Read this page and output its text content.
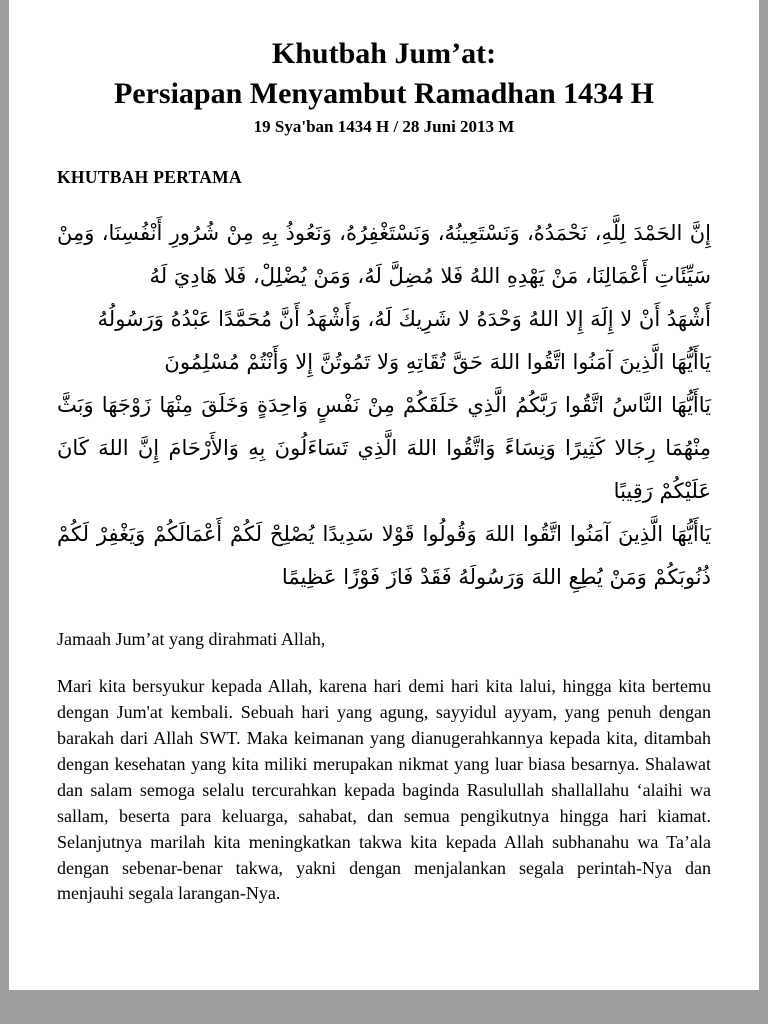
Khutbah Jum’at:
Persiapan Menyambut Ramadhan 1434 H
19 Sya'ban 1434 H / 28 Juni 2013 M
KHUTBAH PERTAMA

إِنَّ الحَمْدَ لِلَّهِ، نَحْمَدُهُ، وَنَسْتَعِينُهُ، وَنَسْتَغْفِرُهُ، وَنَعُوذُ بِهِ مِنْ شُرُورِ أَنْفُسِنَا، وَمِنْ سَيِّئَاتِ أَعْمَالِنَا، مَنْ يَهْدِهِ اللهُ فَلا مُضِلَّ لَهُ، وَمَنْ يُضْلِلْ، فَلا هَادِيَ لَهُ

أَشْهَدُ أَنْ لا إِلَهَ إِلا اللهُ وَحْدَهُ لا شَرِيكَ لَهُ، وَأَشْهَدُ أَنَّ مُحَمَّدًا عَبْدُهُ وَرَسُولُهُ

يَاأَيُّهَا الَّذِينَ آمَنُوا اتَّقُوا اللهَ حَقَّ تُقَاتِهِ وَلا تَمُوتُنَّ إِلا وَأَنْتُمْ مُسْلِمُونَ

يَاأَيُّهَا النَّاسُ اتَّقُوا رَبَّكُمُ الَّذِي خَلَقَكُمْ مِنْ نَفْسٍ وَاحِدَةٍ وَخَلَقَ مِنْهَا زَوْجَهَا وَبَثَّ مِنْهُمَا رِجَالا كَثِيرًا وَنِسَاءً وَاتَّقُوا اللهَ الَّذِي تَسَاءَلُونَ بِهِ وَالأَرْحَامَ إِنَّ اللهَ كَانَ عَلَيْكُمْ رَقِيبًا

يَاأَيُّهَا الَّذِينَ آمَنُوا اتَّقُوا اللهَ وَقُولُوا قَوْلا سَدِيدًا يُصْلِحْ لَكُمْ أَعْمَالَكُمْ وَيَغْفِرْ لَكُمْ ذُنُوبَكُمْ وَمَنْ يُطِعِ اللهَ وَرَسُولَهُ فَقَدْ فَازَ فَوْزًا عَظِيمًا

Jamaah Jum’at yang dirahmati Allah,

Mari kita bersyukur kepada Allah, karena hari demi hari kita lalui, hingga kita bertemu dengan Jum'at kembali. Sebuah hari yang agung, sayyidul ayyam, yang penuh dengan barakah dari Allah SWT. Maka keimanan yang dianugerahkannya kepada kita, ditambah dengan kesehatan yang kita miliki merupakan nikmat yang luar biasa besarnya. Shalawat dan salam semoga selalu tercurahkan kepada baginda Rasulullah shallallahu ‘alaihi wa sallam, beserta para keluarga, sahabat, dan semua pengikutnya hingga hari kiamat. Selanjutnya marilah kita meningkatkan takwa kita kepada Allah subhanahu wa Ta’ala dengan sebenar-benar takwa, yakni dengan menjalankan segala perintah-Nya dan menjauhi segala larangan-Nya.
